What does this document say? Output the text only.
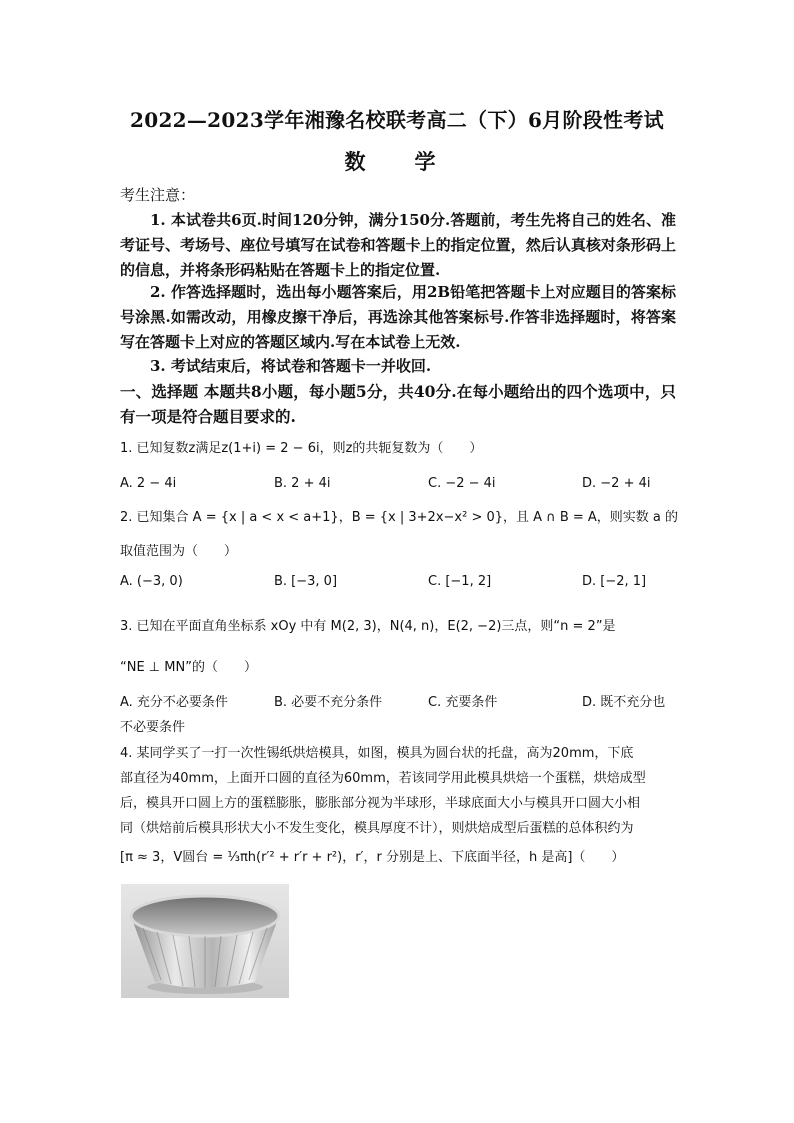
2022—2023学年湘豫名校联考高二（下）6月阶段性考试
数　学
考生注意：
1. 本试卷共6页.时间120分钟，满分150分.答题前，考生先将自己的姓名、准考证号、考场号、座位号填写在试卷和答题卡上的指定位置，然后认真核对条形码上的信息，并将条形码粘贴在答题卡上的指定位置.
2. 作答选择题时，选出每小题答案后，用2B铅笔把答题卡上对应题目的答案标号涂黑.如需改动，用橡皮擦干净后，再选涂其他答案标号.作答非选择题时，将答案写在答题卡上对应的答题区域内.写在本试卷上无效.
3. 考试结束后，将试卷和答题卡一并收回.
一、选择题 本题共8小题，每小题5分，共40分.在每小题给出的四个选项中，只有一项是符合题目要求的.
1. 已知复数z满足z(1+i) = 2 − 6i，则z的共轭复数为（　　）
A. 2 − 4i	B. 2 + 4i	C. −2 − 4i	D. −2 + 4i
2. 已知集合 A = {x | a < x < a+1}，B = {x | 3+2x−x² > 0}，且 A ∩ B = A，则实数 a 的
取值范围为（　　）
A. (−3, 0)	B. [−3, 0]	C. [−1, 2]	D. [−2, 1]
3. 已知在平面直角坐标系 xOy 中有 M(2, 3)，N(4, n)，E(2, −2)三点，则“n = 2”是
“NE ⊥ MN”的（　　）
A. 充分不必要条件	B. 必要不充分条件	C. 充要条件	D. 既不充分也
不必要条件
4. 某同学买了一打一次性锡纸烘焙模具，如图，模具为圆台状的托盘，高为20mm，下底
部直径为40mm，上面开口圆的直径为60mm，若该同学用此模具烘焙一个蛋糕，烘焙成型
后，模具开口圆上方的蛋糕膨胀，膨胀部分视为半球形，半球底面大小与模具开口圆大小相
同（烘焙前后模具形状大小不发生变化，模具厚度不计），则烘焙成型后蛋糕的总体积约为
[π ≈ 3，V圆台 = ⅓πh(r′² + r′r + r²)，r′，r 分别是上、下底面半径，h 是高]（　　）
